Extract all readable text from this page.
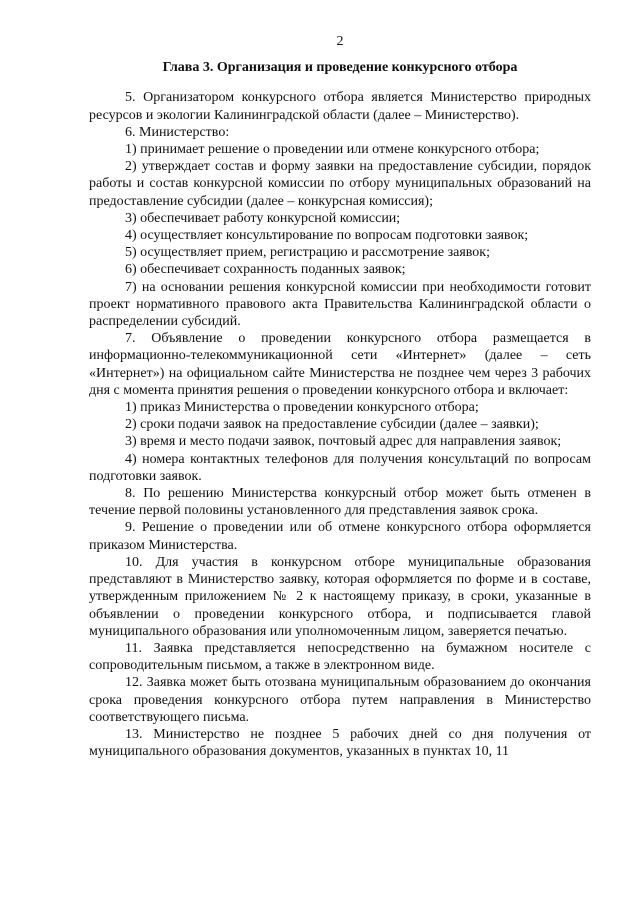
2

Глава 3. Организация и проведение конкурсного отбора

5. Организатором конкурсного отбора является Министерство природных ресурсов и экологии Калининградской области (далее – Министерство).

6. Министерство:

1) принимает решение о проведении или отмене конкурсного отбора;

2) утверждает состав и форму заявки на предоставление субсидии, порядок работы и состав конкурсной комиссии по отбору муниципальных образований на предоставление субсидии (далее – конкурсная комиссия);

3) обеспечивает работу конкурсной комиссии;

4) осуществляет консультирование по вопросам подготовки заявок;

5) осуществляет прием, регистрацию и рассмотрение заявок;

6) обеспечивает сохранность поданных заявок;

7) на основании решения конкурсной комиссии при необходимости готовит проект нормативного правового акта Правительства Калининградской области о распределении субсидий.

7. Объявление о проведении конкурсного отбора размещается в информационно-телекоммуникационной сети «Интернет» (далее – сеть «Интернет») на официальном сайте Министерства не позднее чем через 3 рабочих дня с момента принятия решения о проведении конкурсного отбора и включает:

1) приказ Министерства о проведении конкурсного отбора;

2) сроки подачи заявок на предоставление субсидии (далее – заявки);

3) время и место подачи заявок, почтовый адрес для направления заявок;

4) номера контактных телефонов для получения консультаций по вопросам подготовки заявок.

8. По решению Министерства конкурсный отбор может быть отменен в течение первой половины установленного для представления заявок срока.

9. Решение о проведении или об отмене конкурсного отбора оформляется приказом Министерства.

10. Для участия в конкурсном отборе муниципальные образования представляют в Министерство заявку, которая оформляется по форме и в составе, утвержденным приложением № 2 к настоящему приказу, в сроки, указанные в объявлении о проведении конкурсного отбора, и подписывается главой муниципального образования или уполномоченным лицом, заверяется печатью.

11. Заявка представляется непосредственно на бумажном носителе с сопроводительным письмом, а также в электронном виде.

12. Заявка может быть отозвана муниципальным образованием до окончания срока проведения конкурсного отбора путем направления в Министерство соответствующего письма.

13. Министерство не позднее 5 рабочих дней со дня получения от муниципального образования документов, указанных в пунктах 10, 11
